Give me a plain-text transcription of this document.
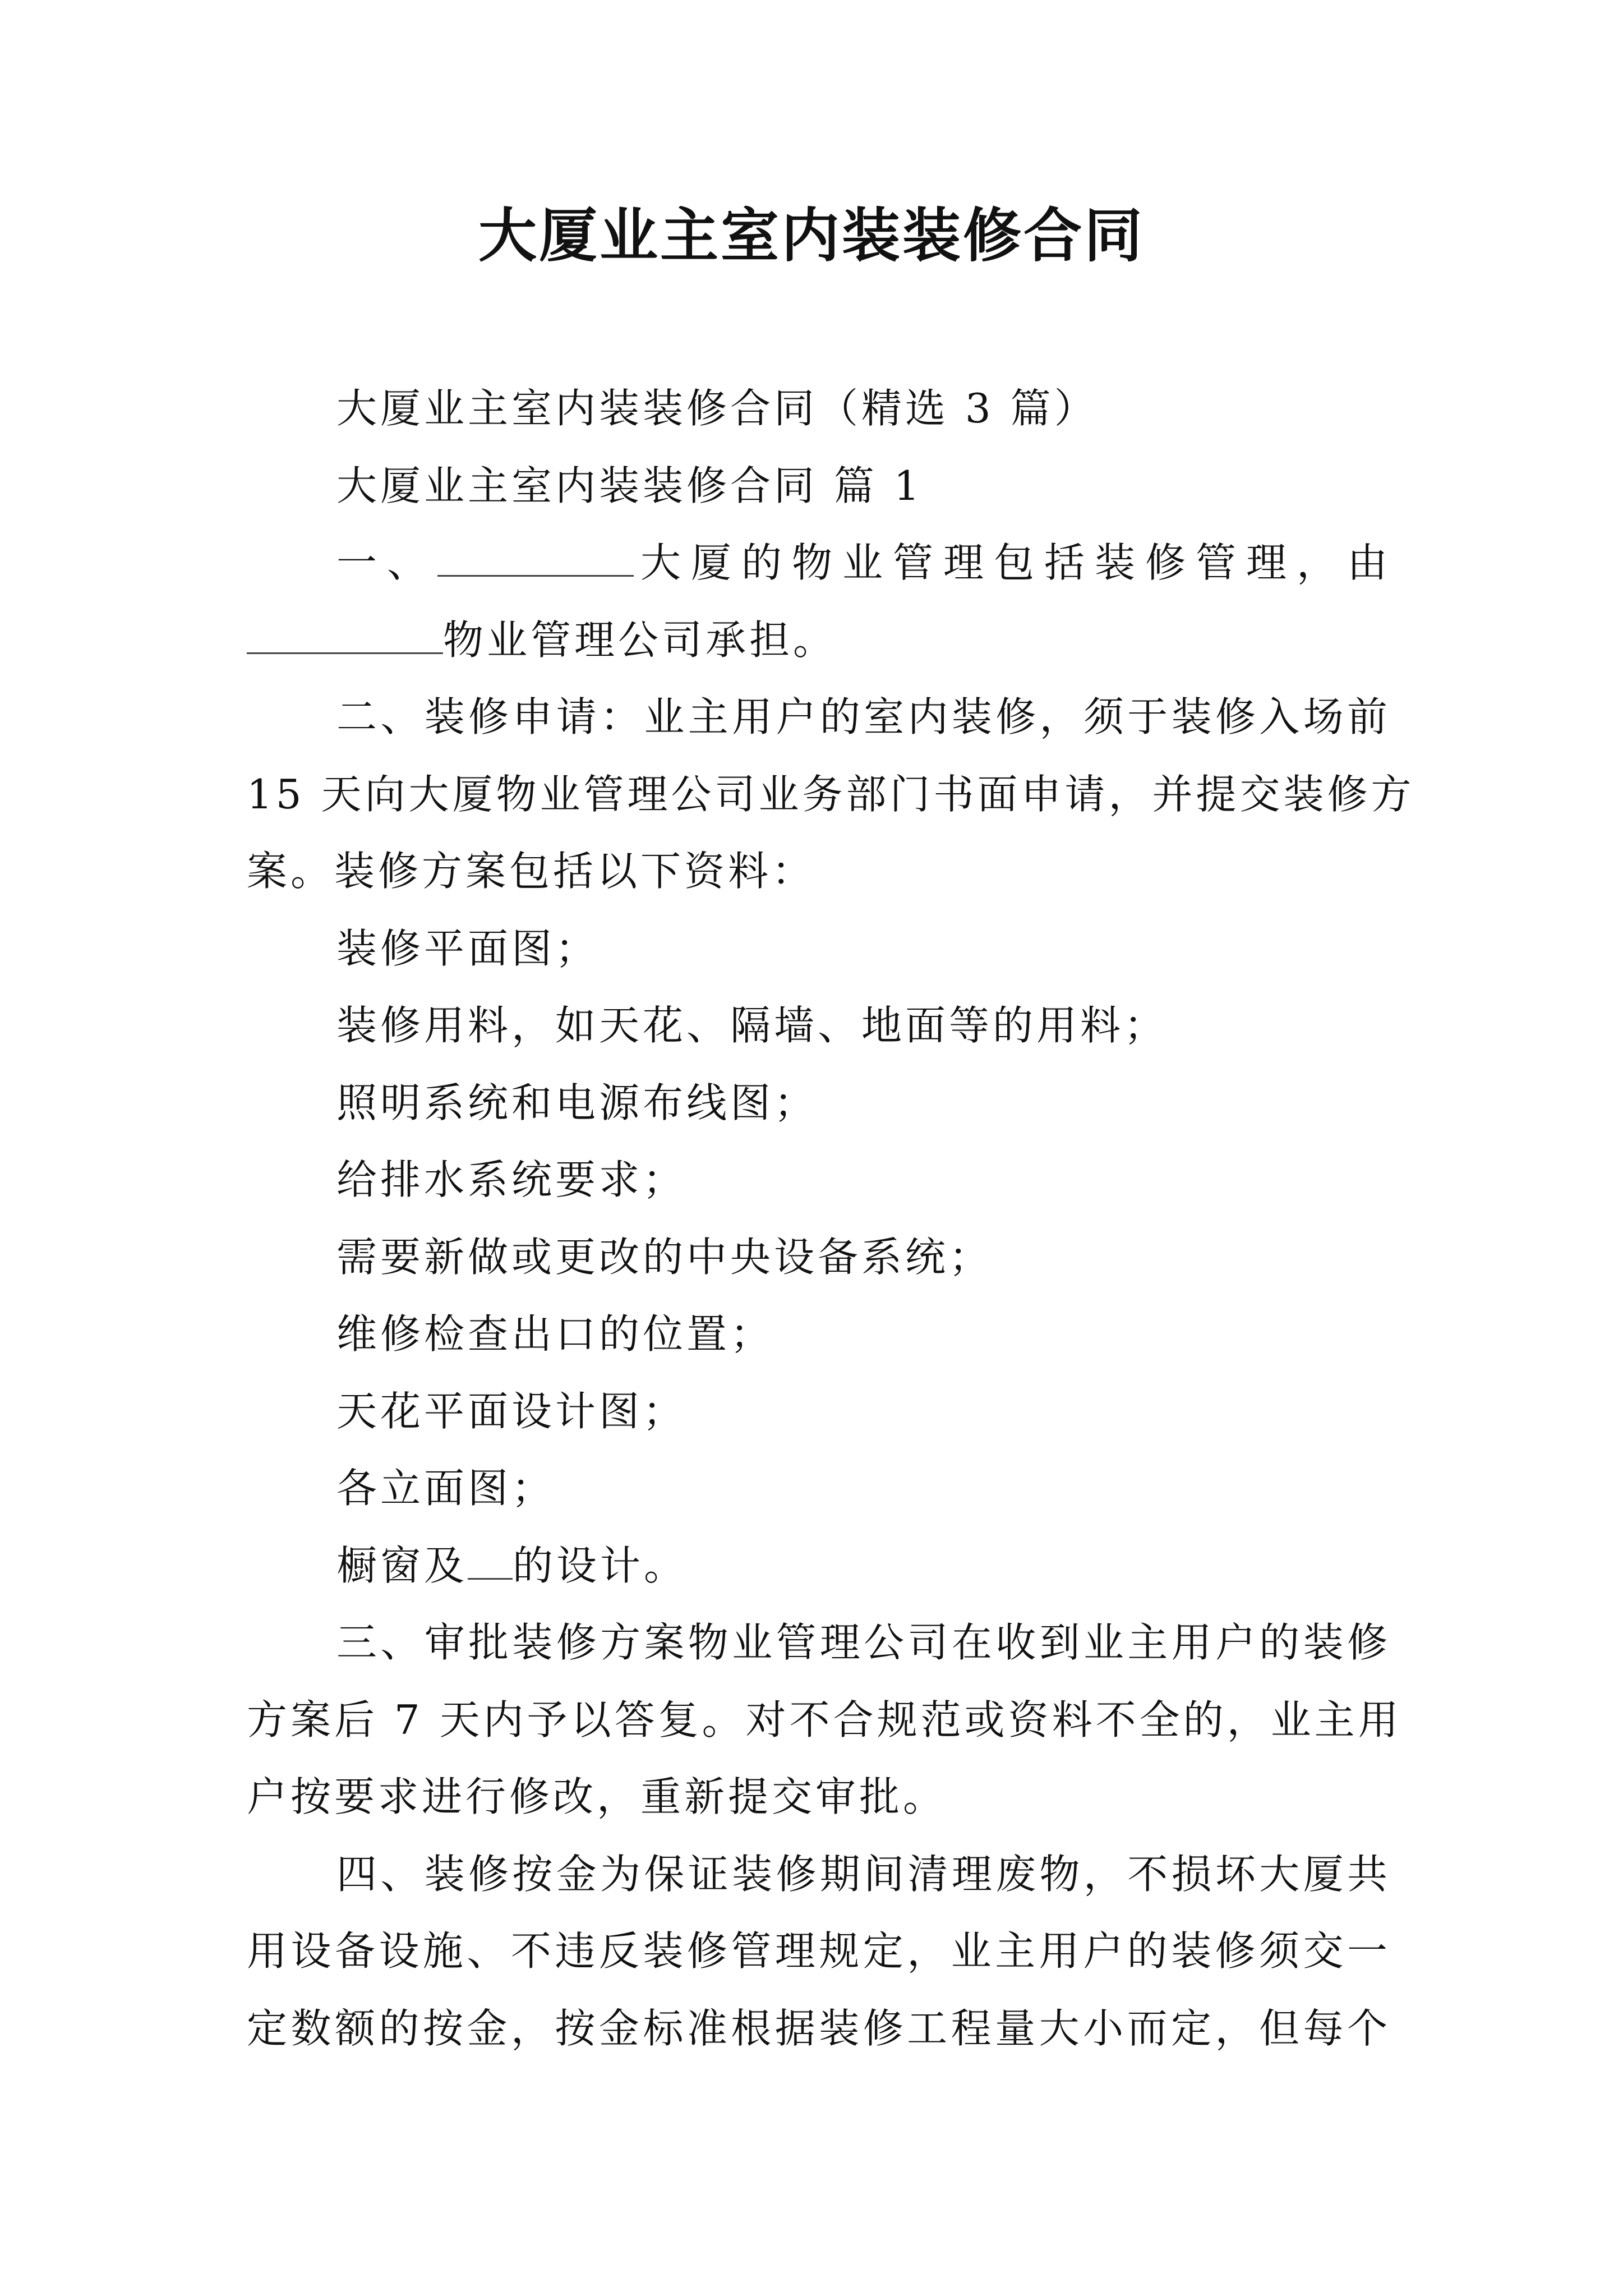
大厦业主室内装装修合同
大厦业主室内装装修合同（精选 3 篇）
大厦业主室内装装修合同 篇 1
一、	大厦的物业管理包括装修管理，由
物业管理公司承担。
二、装修申请：业主用户的室内装修，须于装修入场前
15 天向大厦物业管理公司业务部门书面申请，并提交装修方
案。装修方案包括以下资料：
装修平面图；
装修用料，如天花、隔墙、地面等的用料；
照明系统和电源布线图；
给排水系统要求；
需要新做或更改的中央设备系统；
维修检查出口的位置；
天花平面设计图；
各立面图；
橱窗及 的设计。
三、审批装修方案物业管理公司在收到业主用户的装修
方案后 7 天内予以答复。对不合规范或资料不全的，业主用
户按要求进行修改，重新提交审批。
四、装修按金为保证装修期间清理废物，不损坏大厦共
用设备设施、不违反装修管理规定，业主用户的装修须交一
定数额的按金，按金标准根据装修工程量大小而定，但每个
